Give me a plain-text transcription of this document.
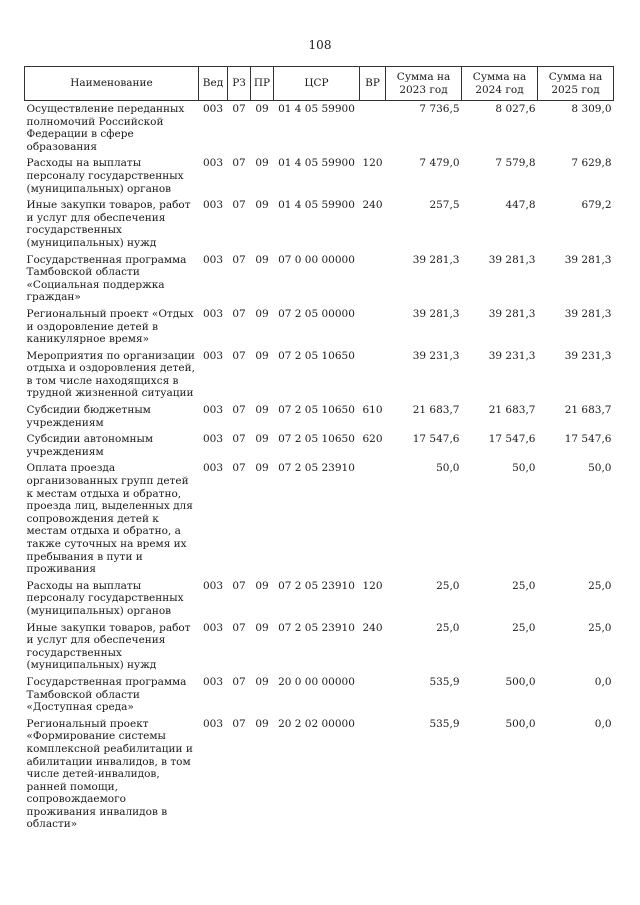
108
Наименование	Вед	РЗ	ПР	ЦСР	ВР	Сумма на 2023 год	Сумма на 2024 год	Сумма на 2025 год
Осуществление переданных полномочий Российской Федерации в сфере образования	003	07	09	01 4 05 59900		7 736,5	8 027,6	8 309,0
Расходы на выплаты персоналу государственных (муниципальных) органов	003	07	09	01 4 05 59900	120	7 479,0	7 579,8	7 629,8
Иные закупки товаров, работ и услуг для обеспечения государственных (муниципальных) нужд	003	07	09	01 4 05 59900	240	257,5	447,8	679,2
Государственная программа Тамбовской области «Социальная поддержка граждан»	003	07	09	07 0 00 00000		39 281,3	39 281,3	39 281,3
Региональный проект «Отдых и оздоровление детей в каникулярное время»	003	07	09	07 2 05 00000		39 281,3	39 281,3	39 281,3
Мероприятия по организации отдыха и оздоровления детей, в том числе находящихся в трудной жизненной ситуации	003	07	09	07 2 05 10650		39 231,3	39 231,3	39 231,3
Субсидии бюджетным учреждениям	003	07	09	07 2 05 10650	610	21 683,7	21 683,7	21 683,7
Субсидии автономным учреждениям	003	07	09	07 2 05 10650	620	17 547,6	17 547,6	17 547,6
Оплата проезда организованных групп детей к местам отдыха и обратно, проезда лиц, выделенных для сопровождения детей к местам отдыха и обратно, а также суточных на время их пребывания в пути и проживания	003	07	09	07 2 05 23910		50,0	50,0	50,0
Расходы на выплаты персоналу государственных (муниципальных) органов	003	07	09	07 2 05 23910	120	25,0	25,0	25,0
Иные закупки товаров, работ и услуг для обеспечения государственных (муниципальных) нужд	003	07	09	07 2 05 23910	240	25,0	25,0	25,0
Государственная программа Тамбовской области «Доступная среда»	003	07	09	20 0 00 00000		535,9	500,0	0,0
Региональный проект «Формирование системы комплексной реабилитации и абилитации инвалидов, в том числе детей-инвалидов, ранней помощи, сопровождаемого проживания инвалидов в области»	003	07	09	20 2 02 00000		535,9	500,0	0,0
